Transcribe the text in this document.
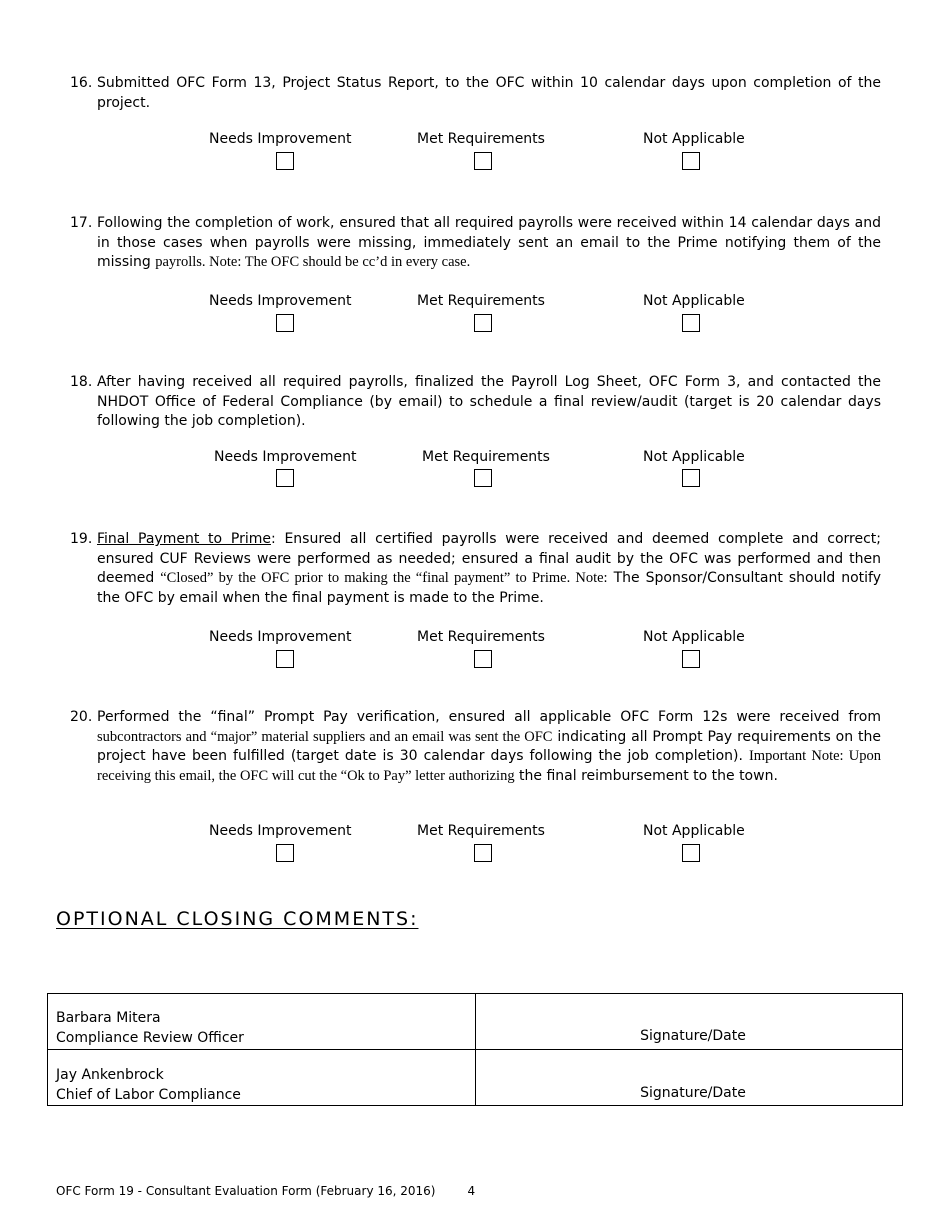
16. Submitted OFC Form 13, Project Status Report, to the OFC within 10 calendar days upon completion of the project.
Needs Improvement	Met Requirements	Not Applicable
17. Following the completion of work, ensured that all required payrolls were received within 14 calendar days and in those cases when payrolls were missing, immediately sent an email to the Prime notifying them of the missing payrolls. Note: The OFC should be cc’d in every case.
Needs Improvement	Met Requirements	Not Applicable
18. After having received all required payrolls, finalized the Payroll Log Sheet, OFC Form 3, and contacted the NHDOT Office of Federal Compliance (by email) to schedule a final review/audit (target is 20 calendar days following the job completion).
Needs Improvement	Met Requirements	Not Applicable
19. Final Payment to Prime: Ensured all certified payrolls were received and deemed complete and correct; ensured CUF Reviews were performed as needed; ensured a final audit by the OFC was performed and then deemed “Closed” by the OFC prior to making the “final payment” to Prime. Note: The Sponsor/Consultant should notify the OFC by email when the final payment is made to the Prime.
Needs Improvement	Met Requirements	Not Applicable
20. Performed the “final” Prompt Pay verification, ensured all applicable OFC Form 12s were received from subcontractors and “major” material suppliers and an email was sent the OFC indicating all Prompt Pay requirements on the project have been fulfilled (target date is 30 calendar days following the job completion). Important Note: Upon receiving this email, the OFC will cut the “Ok to Pay” letter authorizing the final reimbursement to the town.
Needs Improvement	Met Requirements	Not Applicable
OPTIONAL CLOSING COMMENTS:
Barbara Mitera
Compliance Review Officer	Signature/Date

Jay Ankenbrock
Chief of Labor Compliance	Signature/Date
OFC Form 19 - Consultant Evaluation Form (February 16, 2016)	4
